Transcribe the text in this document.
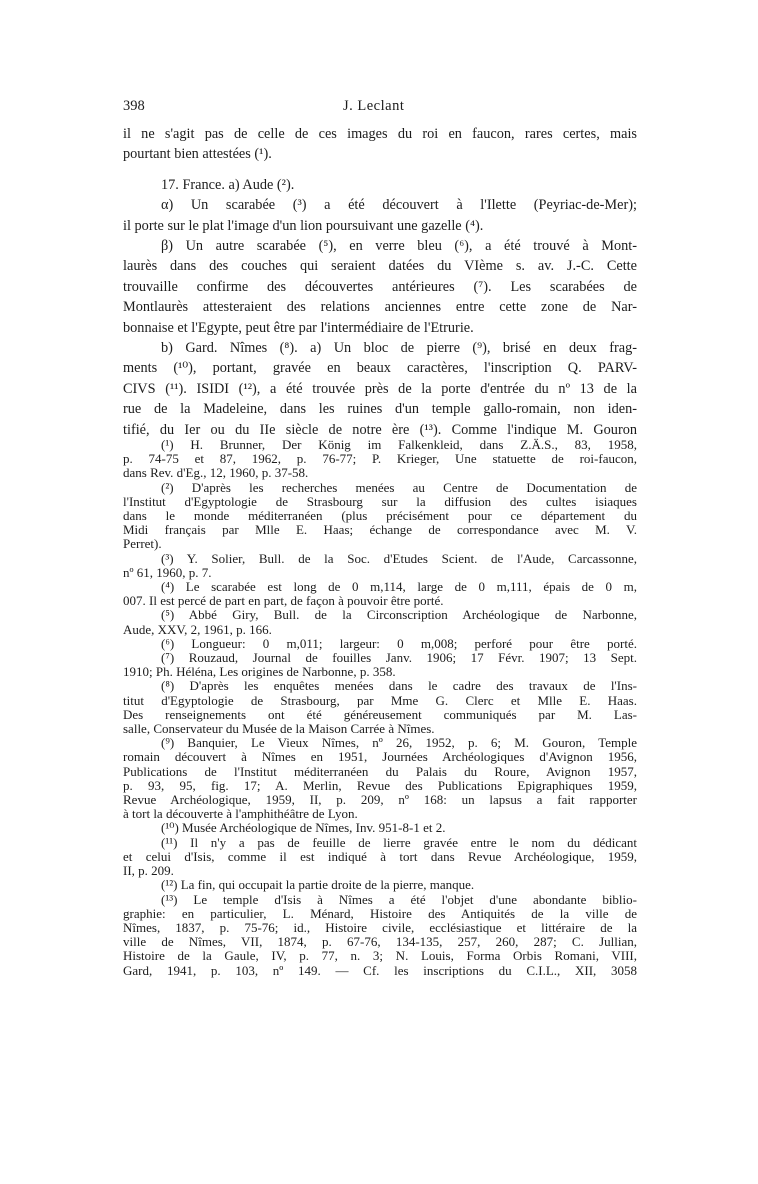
398	J. Leclant

il ne s'agit pas de celle de ces images du roi en faucon, rares certes, mais

pourtant bien attestées (¹).

17. France. a) Aude (²).

α) Un scarabée (³) a été découvert à l'Ilette (Peyriac-de-Mer);

il porte sur le plat l'image d'un lion poursuivant une gazelle (⁴).

β) Un autre scarabée (⁵), en verre bleu (⁶), a été trouvé à Mont-

laurès dans des couches qui seraient datées du VIème s. av. J.-C. Cette

trouvaille confirme des découvertes antérieures (⁷). Les scarabées de

Montlaurès attesteraient des relations anciennes entre cette zone de Nar-

bonnaise et l'Egypte, peut être par l'intermédiaire de l'Etrurie.

b) Gard. Nîmes (⁸). a) Un bloc de pierre (⁹), brisé en deux frag-

ments (¹⁰), portant, gravée en beaux caractères, l'inscription Q. PARV-

CIVS (¹¹). ISIDI (¹²), a été trouvée près de la porte d'entrée du nº 13 de la

rue de la Madeleine, dans les ruines d'un temple gallo-romain, non iden-

tifié, du Ier ou du IIe siècle de notre ère (¹³). Comme l'indique M. Gouron

(¹) H. Brunner, Der König im Falkenkleid, dans Z.Ä.S., 83, 1958,

p. 74-75 et 87, 1962, p. 76-77; P. Krieger, Une statuette de roi-faucon,

dans Rev. d'Eg., 12, 1960, p. 37-58.

(²) D'après les recherches menées au Centre de Documentation de

l'Institut d'Egyptologie de Strasbourg sur la diffusion des cultes isiaques

dans le monde méditerranéen (plus précisément pour ce département du

Midi français par Mlle E. Haas; échange de correspondance avec M. V.

Perret).

(³) Y. Solier, Bull. de la Soc. d'Etudes Scient. de l'Aude, Carcassonne,

nº 61, 1960, p. 7.

(⁴) Le scarabée est long de 0 m,114, large de 0 m,111, épais de 0 m,

007. Il est percé de part en part, de façon à pouvoir être porté.

(⁵) Abbé Giry, Bull. de la Circonscription Archéologique de Narbonne,

Aude, XXV, 2, 1961, p. 166.

(⁶) Longueur: 0 m,011; largeur: 0 m,008; perforé pour être porté.

(⁷) Rouzaud, Journal de fouilles Janv. 1906; 17 Févr. 1907; 13 Sept.

1910; Ph. Héléna, Les origines de Narbonne, p. 358.

(⁸) D'après les enquêtes menées dans le cadre des travaux de l'Ins-

titut d'Egyptologie de Strasbourg, par Mme G. Clerc et Mlle E. Haas.

Des renseignements ont été généreusement communiqués par M. Las-

salle, Conservateur du Musée de la Maison Carrée à Nîmes.

(⁹) Banquier, Le Vieux Nîmes, nº 26, 1952, p. 6; M. Gouron, Temple

romain découvert à Nîmes en 1951, Journées Archéologiques d'Avignon 1956,

Publications de l'Institut méditerranéen du Palais du Roure, Avignon 1957,

p. 93, 95, fig. 17; A. Merlin, Revue des Publications Epigraphiques 1959,

Revue Archéologique, 1959, II, p. 209, nº 168: un lapsus a fait rapporter

à tort la découverte à l'amphithéâtre de Lyon.

(¹⁰) Musée Archéologique de Nîmes, Inv. 951-8-1 et 2.

(¹¹) Il n'y a pas de feuille de lierre gravée entre le nom du dédicant

et celui d'Isis, comme il est indiqué à tort dans Revue Archéologique, 1959,

II, p. 209.

(¹²) La fin, qui occupait la partie droite de la pierre, manque.

(¹³) Le temple d'Isis à Nîmes a été l'objet d'une abondante biblio-

graphie: en particulier, L. Ménard, Histoire des Antiquités de la ville de

Nîmes, 1837, p. 75-76; id., Histoire civile, ecclésiastique et littéraire de la

ville de Nîmes, VII, 1874, p. 67-76, 134-135, 257, 260, 287; C. Jullian,

Histoire de la Gaule, IV, p. 77, n. 3; N. Louis, Forma Orbis Romani, VIII,

Gard, 1941, p. 103, nº 149. — Cf. les inscriptions du C.I.L., XII, 3058
